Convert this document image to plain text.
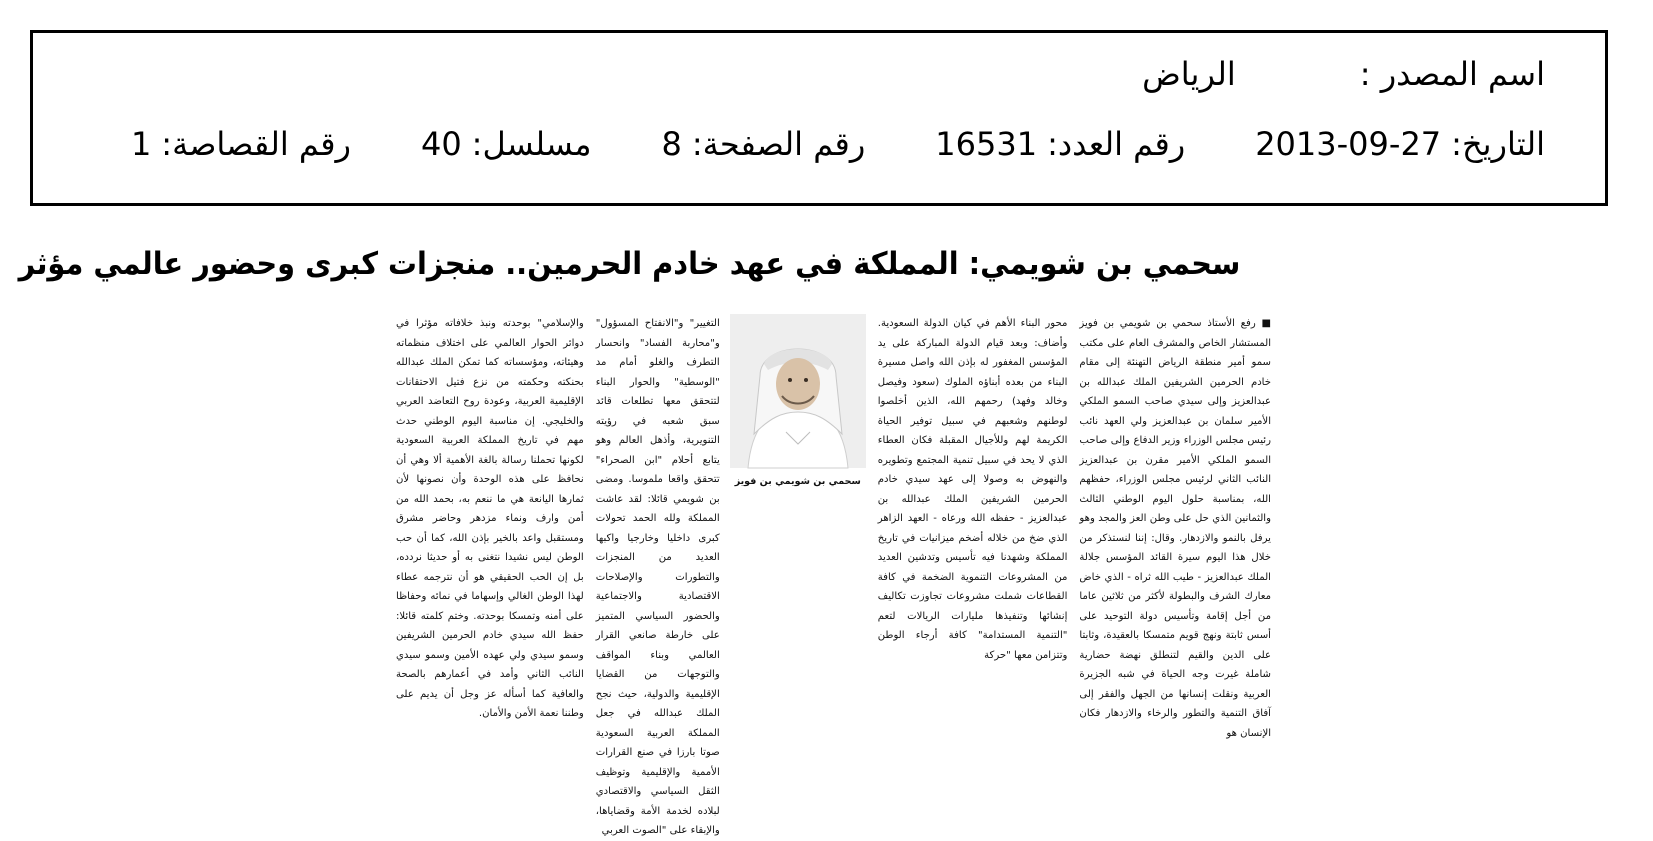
اسم المصدر :
الرياض
التاريخ:
2013-09-27
رقم العدد:
16531
رقم الصفحة:
8
مسلسل:
40
رقم القصاصة:
1
سحمي بن شويمي: المملكة في عهد خادم الحرمين.. منجزات كبرى وحضور عالمي مؤثر
■ رفع الأستاذ سحمي بن شويمي بن فويز المستشار الخاص والمشرف العام على مكتب سمو أمير منطقة الرياض التهنئة إلى مقام خادم الحرمين الشريفين الملك عبدالله بن عبدالعزيز وإلى سيدي صاحب السمو الملكي الأمير سلمان بن عبدالعزيز ولي العهد نائب رئيس مجلس الوزراء وزير الدفاع وإلى صاحب السمو الملكي الأمير مقرن بن عبدالعزيز النائب الثاني لرئيس مجلس الوزراء، حفظهم الله، بمناسبة حلول اليوم الوطني الثالث والثمانين الذي حل على وطن العز والمجد وهو يرفل بالنمو والازدهار. وقال: إننا لنستذكر من خلال هذا اليوم سيرة القائد المؤسس جلالة الملك عبدالعزيز - طيب الله ثراه - الذي خاض معارك الشرف والبطولة لأكثر من ثلاثين عاما من أجل إقامة وتأسيس دولة التوحيد على أسس ثابتة ونهج قويم متمسكا بالعقيدة، وثابتا على الدين والقيم لتنطلق نهضة حضارية شاملة غيرت وجه الحياة في شبه الجزيرة العربية ونقلت إنسانها من الجهل والفقر إلى آفاق التنمية والتطور والرخاء والازدهار فكان الإنسان هو
محور البناء الأهم في كيان الدولة السعودية. وأضاف: وبعد قيام الدولة المباركة على يد المؤسس المغفور له بإذن الله واصل مسيرة البناء من بعده أبناؤه الملوك (سعود وفيصل وخالد وفهد) رحمهم الله، الذين أخلصوا لوطنهم وشعبهم في سبيل توفير الحياة الكريمة لهم وللأجيال المقبلة فكان العطاء الذي لا يحد في سبيل تنمية المجتمع وتطويره والنهوض به وصولا إلى عهد سيدي خادم الحرمين الشريفين الملك عبدالله بن عبدالعزيز - حفظه الله ورعاه - العهد الزاهر الذي ضخ من خلاله أضخم ميزانيات في تاريخ المملكة وشهدنا فيه تأسيس وتدشين العديد من المشروعات التنموية الضخمة في كافة القطاعات شملت مشروعات تجاوزت تكاليف إنشائها وتنفيذها مليارات الريالات لتعم "التنمية المستدامة" كافة أرجاء الوطن وتتزامن معها "حركة
سحمي بن شويمي بن فويز
التغيير" و"الانفتاح المسؤول" و"محاربة الفساد" وانحسار التطرف والغلو أمام مد "الوسطية" والحوار البناء لتتحقق معها تطلعات قائد سبق شعبه في رؤيته التنويرية، وأذهل العالم وهو يتابع أحلام "ابن الصحراء" تتحقق واقعا ملموسا. ومضى بن شويمي قائلا: لقد عاشت المملكة ولله الحمد تحولات كبرى داخليا وخارجيا واكبها العديد من المنجزات والتطورات والإصلاحات الاقتصادية والاجتماعية والحضور السياسي المتميز على خارطة صانعي القرار العالمي وبناء المواقف والتوجهات من القضايا الإقليمية والدولية، حيث نجح الملك عبدالله في جعل المملكة العربية السعودية صوتا بارزا في صنع القرارات الأممية والإقليمية وتوظيف الثقل السياسي والاقتصادي لبلاده لخدمة الأمة وقضاياها، والإبقاء على "الصوت العربي
والإسلامي" بوحدته ونبذ خلافاته مؤثرا في دوائر الحوار العالمي على اختلاف منظماته وهيئاته، ومؤسساته كما تمكن الملك عبدالله بحنكته وحكمته من نزع فتيل الاحتقانات الإقليمية العربية، وعودة روح التعاضد العربي والخليجي. إن مناسبة اليوم الوطني حدث مهم في تاريخ المملكة العربية السعودية لكونها تحملنا رسالة بالغة الأهمية ألا وهي أن نحافظ على هذه الوحدة وأن نصونها لأن ثمارها اليانعة هي ما ننعم به، بحمد الله من أمن وارف ونماء مزدهر وحاضر مشرق ومستقبل واعد بالخير بإذن الله، كما أن حب الوطن ليس نشيدا نتغنى به أو حديثا نردده، بل إن الحب الحقيقي هو أن نترجمه عطاء لهذا الوطن الغالي وإسهاما في نمائه وحفاظا على أمنه وتمسكا بوحدته. وختم كلمته قائلا: حفظ الله سيدي خادم الحرمين الشريفين وسمو سيدي ولي عهده الأمين وسمو سيدي النائب الثاني وأمد في أعمارهم بالصحة والعافية كما أسأله عز وجل أن يديم على وطننا نعمة الأمن والأمان.
